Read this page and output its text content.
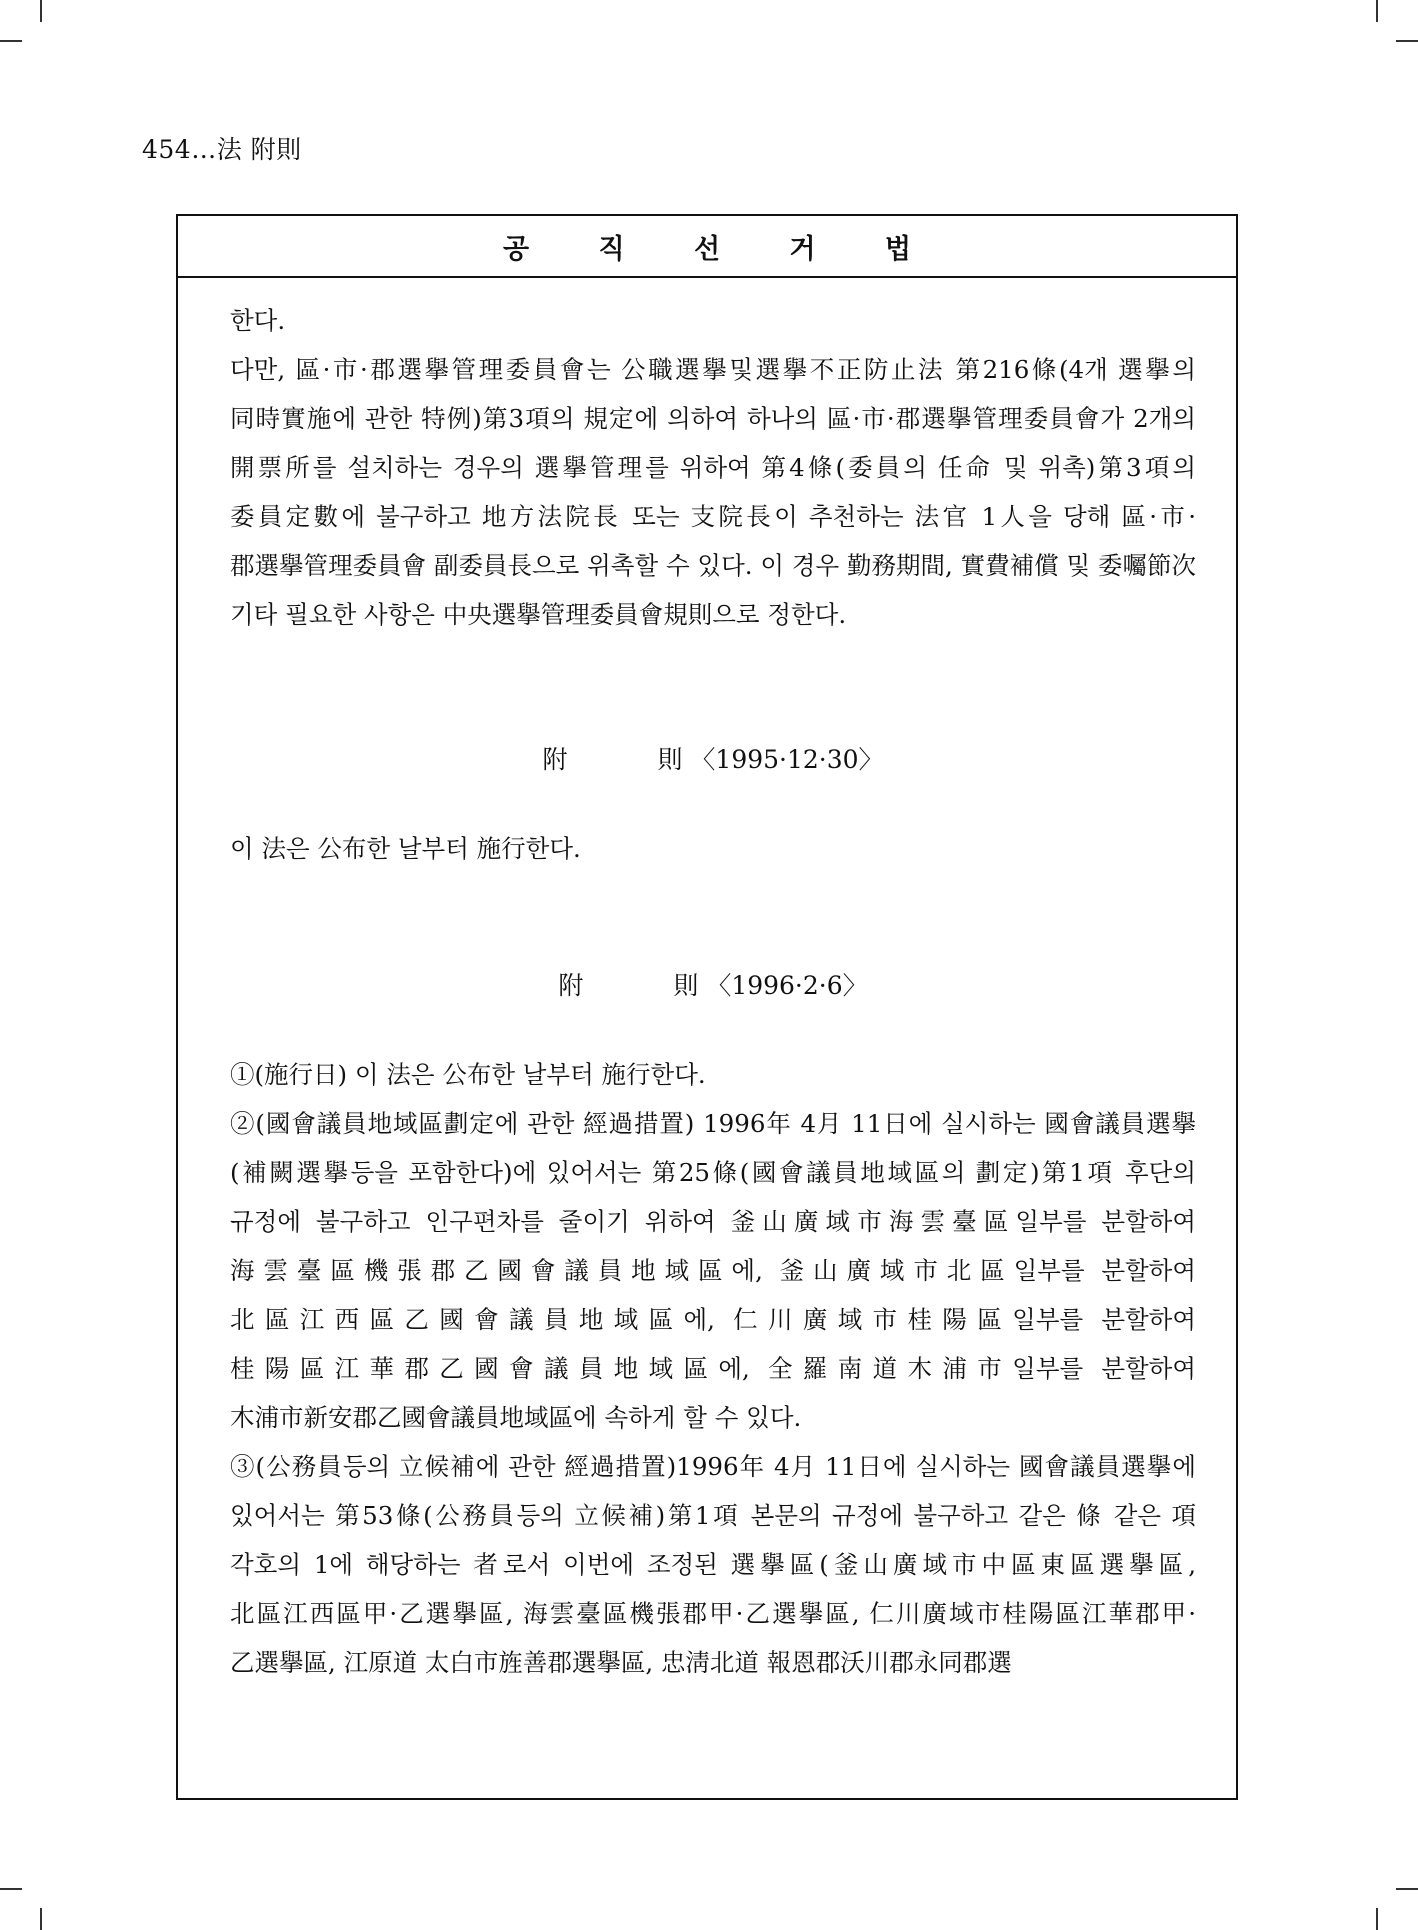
454…法 附則
공 직 선 거 법

한다.

다만, 區·市·郡選擧管理委員會는 公職選擧및選擧不正防止法 第216條(4개 選擧의 同時實施에 관한 特例)第3項의 規定에 의하여 하나의 區·市·郡選擧管理委員會가 2개의 開票所를 설치하는 경우의 選擧管理를 위하여 第4條(委員의 任命 및 위촉)第3項의 委員定數에 불구하고 地方法院長 또는 支院長이 추천하는 法官 1人을 당해 區·市·郡選擧管理委員會 副委員長으로 위촉할 수 있다. 이 경우 勤務期間, 實費補償 및 委囑節次 기타 필요한 사항은 中央選擧管理委員會規則으로 정한다.

附	則 〈1995·12·30〉

이 法은 公布한 날부터 施行한다.

附	則 〈1996·2·6〉

①(施行日) 이 法은 公布한 날부터 施行한다.

②(國會議員地域區劃定에 관한 經過措置) 1996年 4月 11日에 실시하는 國會議員選擧(補闕選擧등을 포함한다)에 있어서는 第25條(國會議員地域區의 劃定)第1項 후단의 규정에 불구하고 인구편차를 줄이기 위하여 釜山廣域市海雲臺區일부를 분할하여 海雲臺區機張郡乙國會議員地域區에, 釜山廣域市北區일부를 분할하여 北區江西區乙國會議員地域區에, 仁川廣域市桂陽區일부를 분할하여 桂陽區江華郡乙國會議員地域區에, 全羅南道木浦市일부를 분할하여 木浦市新安郡乙國會議員地域區에 속하게 할 수 있다.

③(公務員등의 立候補에 관한 經過措置)1996年 4月 11日에 실시하는 國會議員選擧에 있어서는 第53條(公務員등의 立候補)第1項 본문의 규정에 불구하고 같은 條 같은 項 각호의 1에 해당하는 者로서 이번에 조정된 選擧區(釜山廣域市中區東區選擧區, 北區江西區甲·乙選擧區, 海雲臺區機張郡甲·乙選擧區, 仁川廣域市桂陽區江華郡甲·乙選擧區, 江原道 太白市旌善郡選擧區, 忠淸北道 報恩郡沃川郡永同郡選
